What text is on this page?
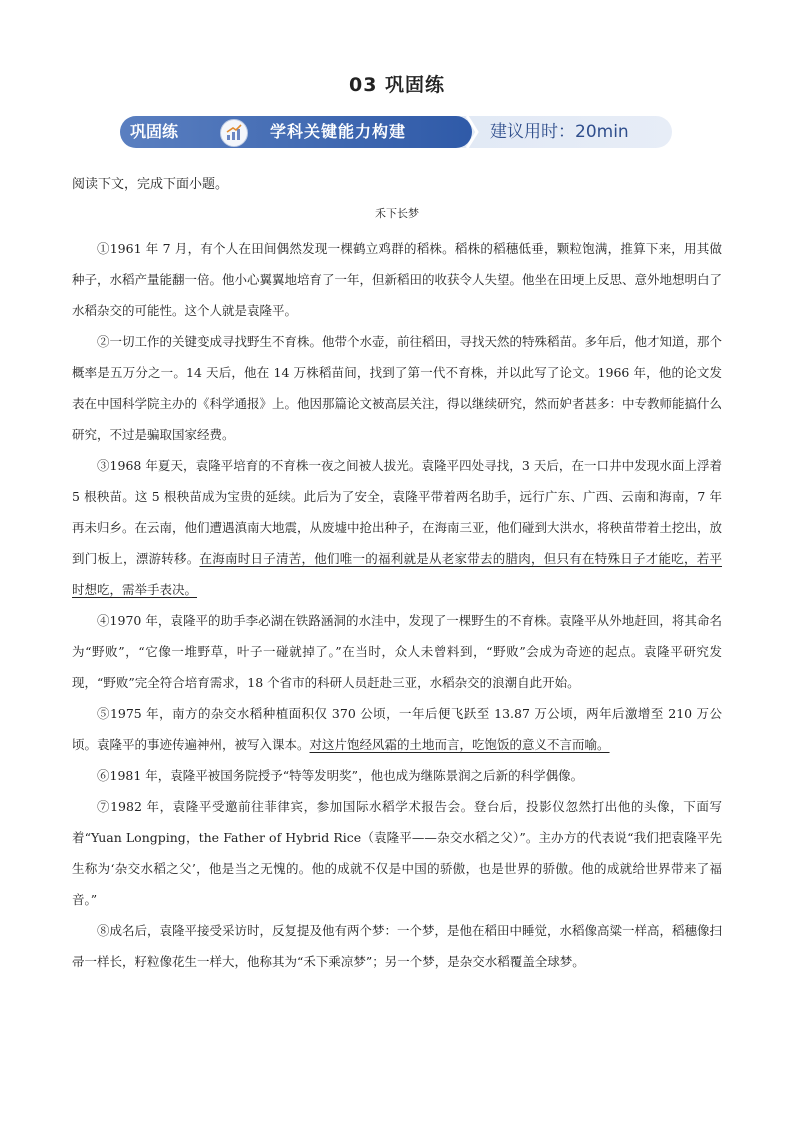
03 巩固练
巩固练	学科关键能力构建	建议用时：20min
阅读下文，完成下面小题。
禾下长梦

①1961 年 7 月，有个人在田间偶然发现一棵鹤立鸡群的稻株。稻株的稻穗低垂，颗粒饱满，推算下来，用其做种子，水稻产量能翻一倍。他小心翼翼地培育了一年，但新稻田的收获令人失望。他坐在田埂上反思、意外地想明白了水稻杂交的可能性。这个人就是袁隆平。

②一切工作的关键变成寻找野生不育株。他带个水壶，前往稻田，寻找天然的特殊稻苗。多年后，他才知道，那个概率是五万分之一。14 天后，他在 14 万株稻苗间，找到了第一代不育株，并以此写了论文。1966 年，他的论文发表在中国科学院主办的《科学通报》上。他因那篇论文被高层关注，得以继续研究，然而妒者甚多：中专教师能搞什么研究，不过是骗取国家经费。

③1968 年夏天，袁隆平培育的不育株一夜之间被人拔光。袁隆平四处寻找，3 天后，在一口井中发现水面上浮着 5 根秧苗。这 5 根秧苗成为宝贵的延续。此后为了安全，袁隆平带着两名助手，远行广东、广西、云南和海南，7 年再未归乡。在云南，他们遭遇滇南大地震，从废墟中抢出种子，在海南三亚，他们碰到大洪水，将秧苗带着土挖出，放到门板上，漂游转移。在海南时日子清苦，他们唯一的福利就是从老家带去的腊肉，但只有在特殊日子才能吃，若平时想吃，需举手表决。

④1970 年，袁隆平的助手李必湖在铁路涵洞的水洼中，发现了一棵野生的不育株。袁隆平从外地赶回，将其命名为“野败”，“它像一堆野草，叶子一碰就掉了。”在当时，众人未曾料到，“野败”会成为奇迹的起点。袁隆平研究发现，“野败”完全符合培育需求，18 个省市的科研人员赶赴三亚，水稻杂交的浪潮自此开始。

⑤1975 年，南方的杂交水稻种植面积仅 370 公顷，一年后便飞跃至 13.87 万公顷，两年后激增至 210 万公顷。袁隆平的事迹传遍神州，被写入课本。对这片饱经风霜的土地而言，吃饱饭的意义不言而喻。

⑥1981 年，袁隆平被国务院授予“特等发明奖”，他也成为继陈景润之后新的科学偶像。

⑦1982 年，袁隆平受邀前往菲律宾，参加国际水稻学术报告会。登台后，投影仪忽然打出他的头像，下面写着“Yuan Longping，the Father of Hybrid Rice（袁隆平——杂交水稻之父）”。主办方的代表说“我们把袁隆平先生称为‘杂交水稻之父’，他是当之无愧的。他的成就不仅是中国的骄傲，也是世界的骄傲。他的成就给世界带来了福音。”

⑧成名后，袁隆平接受采访时，反复提及他有两个梦：一个梦，是他在稻田中睡觉，水稻像高粱一样高，稻穗像扫帚一样长，籽粒像花生一样大，他称其为“禾下乘凉梦”；另一个梦，是杂交水稻覆盖全球梦。
